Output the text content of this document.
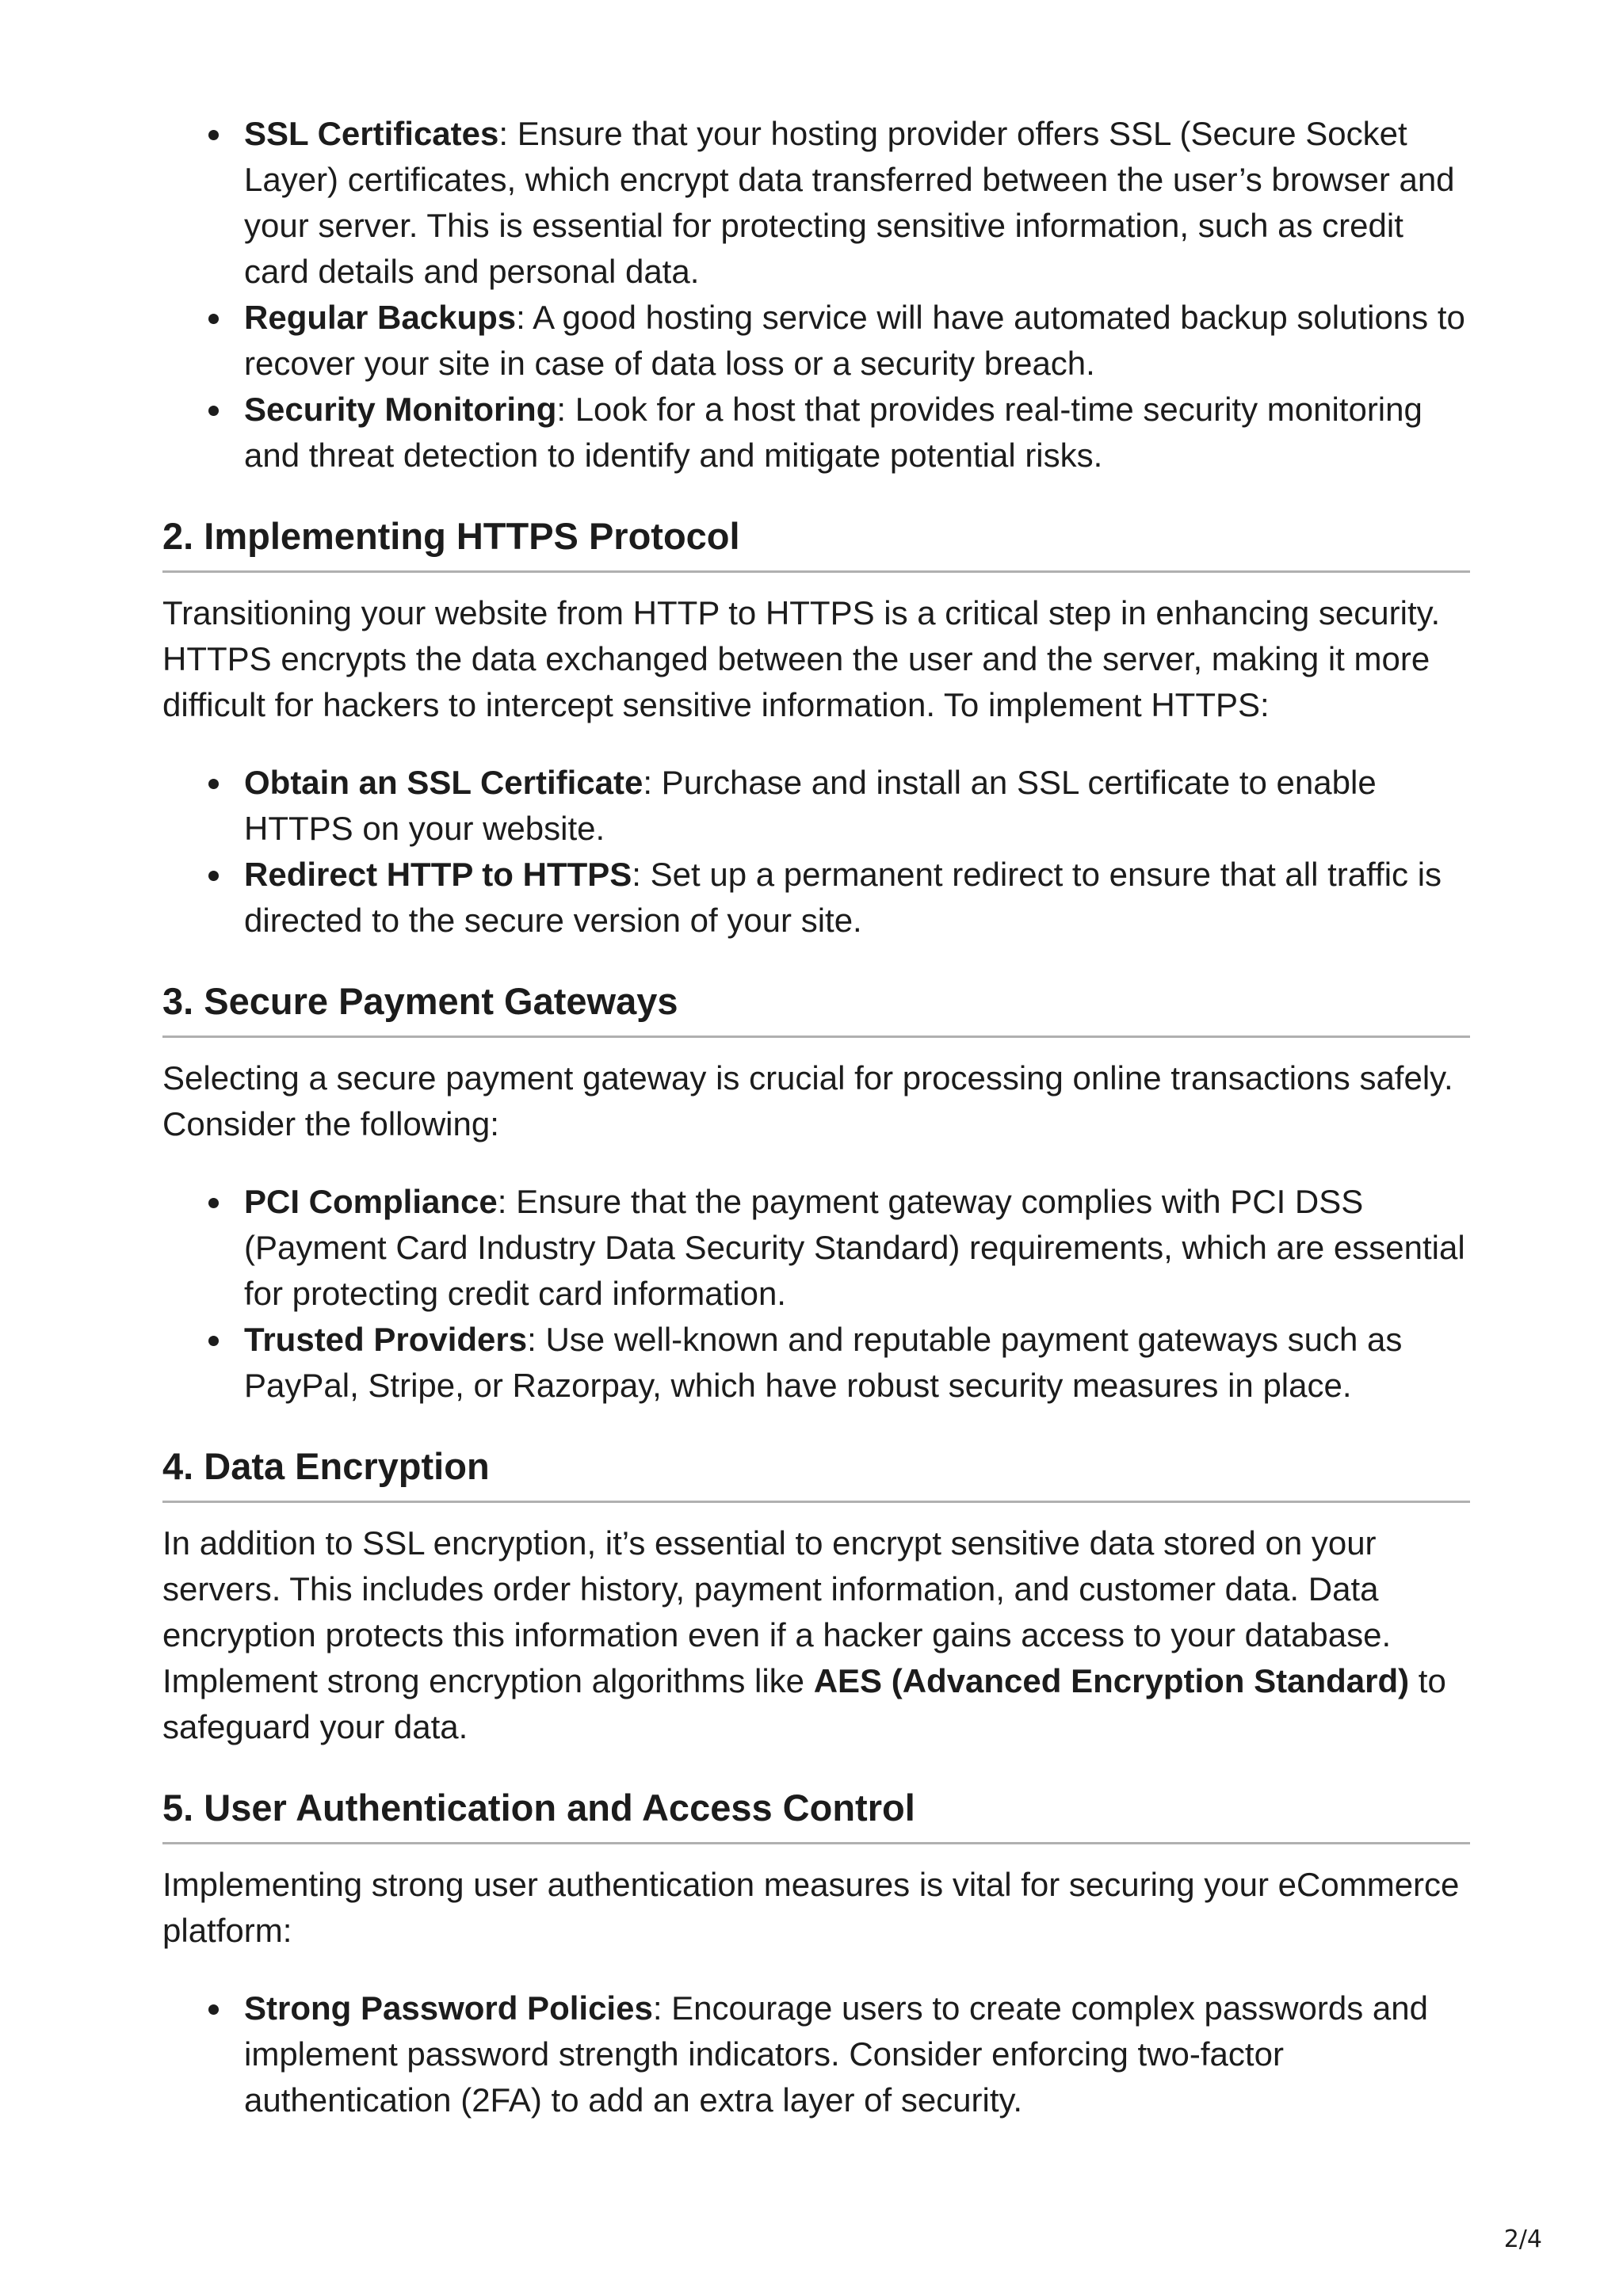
SSL Certificates: Ensure that your hosting provider offers SSL (Secure Socket Layer) certificates, which encrypt data transferred between the user’s browser and your server. This is essential for protecting sensitive information, such as credit card details and personal data.
Regular Backups: A good hosting service will have automated backup solutions to recover your site in case of data loss or a security breach.
Security Monitoring: Look for a host that provides real-time security monitoring and threat detection to identify and mitigate potential risks.
2. Implementing HTTPS Protocol

Transitioning your website from HTTP to HTTPS is a critical step in enhancing security. HTTPS encrypts the data exchanged between the user and the server, making it more difficult for hackers to intercept sensitive information. To implement HTTPS:

Obtain an SSL Certificate: Purchase and install an SSL certificate to enable HTTPS on your website.
Redirect HTTP to HTTPS: Set up a permanent redirect to ensure that all traffic is directed to the secure version of your site.
3. Secure Payment Gateways

Selecting a secure payment gateway is crucial for processing online transactions safely. Consider the following:

PCI Compliance: Ensure that the payment gateway complies with PCI DSS (Payment Card Industry Data Security Standard) requirements, which are essential for protecting credit card information.
Trusted Providers: Use well-known and reputable payment gateways such as PayPal, Stripe, or Razorpay, which have robust security measures in place.
4. Data Encryption

In addition to SSL encryption, it’s essential to encrypt sensitive data stored on your servers. This includes order history, payment information, and customer data. Data encryption protects this information even if a hacker gains access to your database. Implement strong encryption algorithms like AES (Advanced Encryption Standard) to safeguard your data.

5. User Authentication and Access Control

Implementing strong user authentication measures is vital for securing your eCommerce platform:

Strong Password Policies: Encourage users to create complex passwords and implement password strength indicators. Consider enforcing two-factor authentication (2FA) to add an extra layer of security.
2/4
